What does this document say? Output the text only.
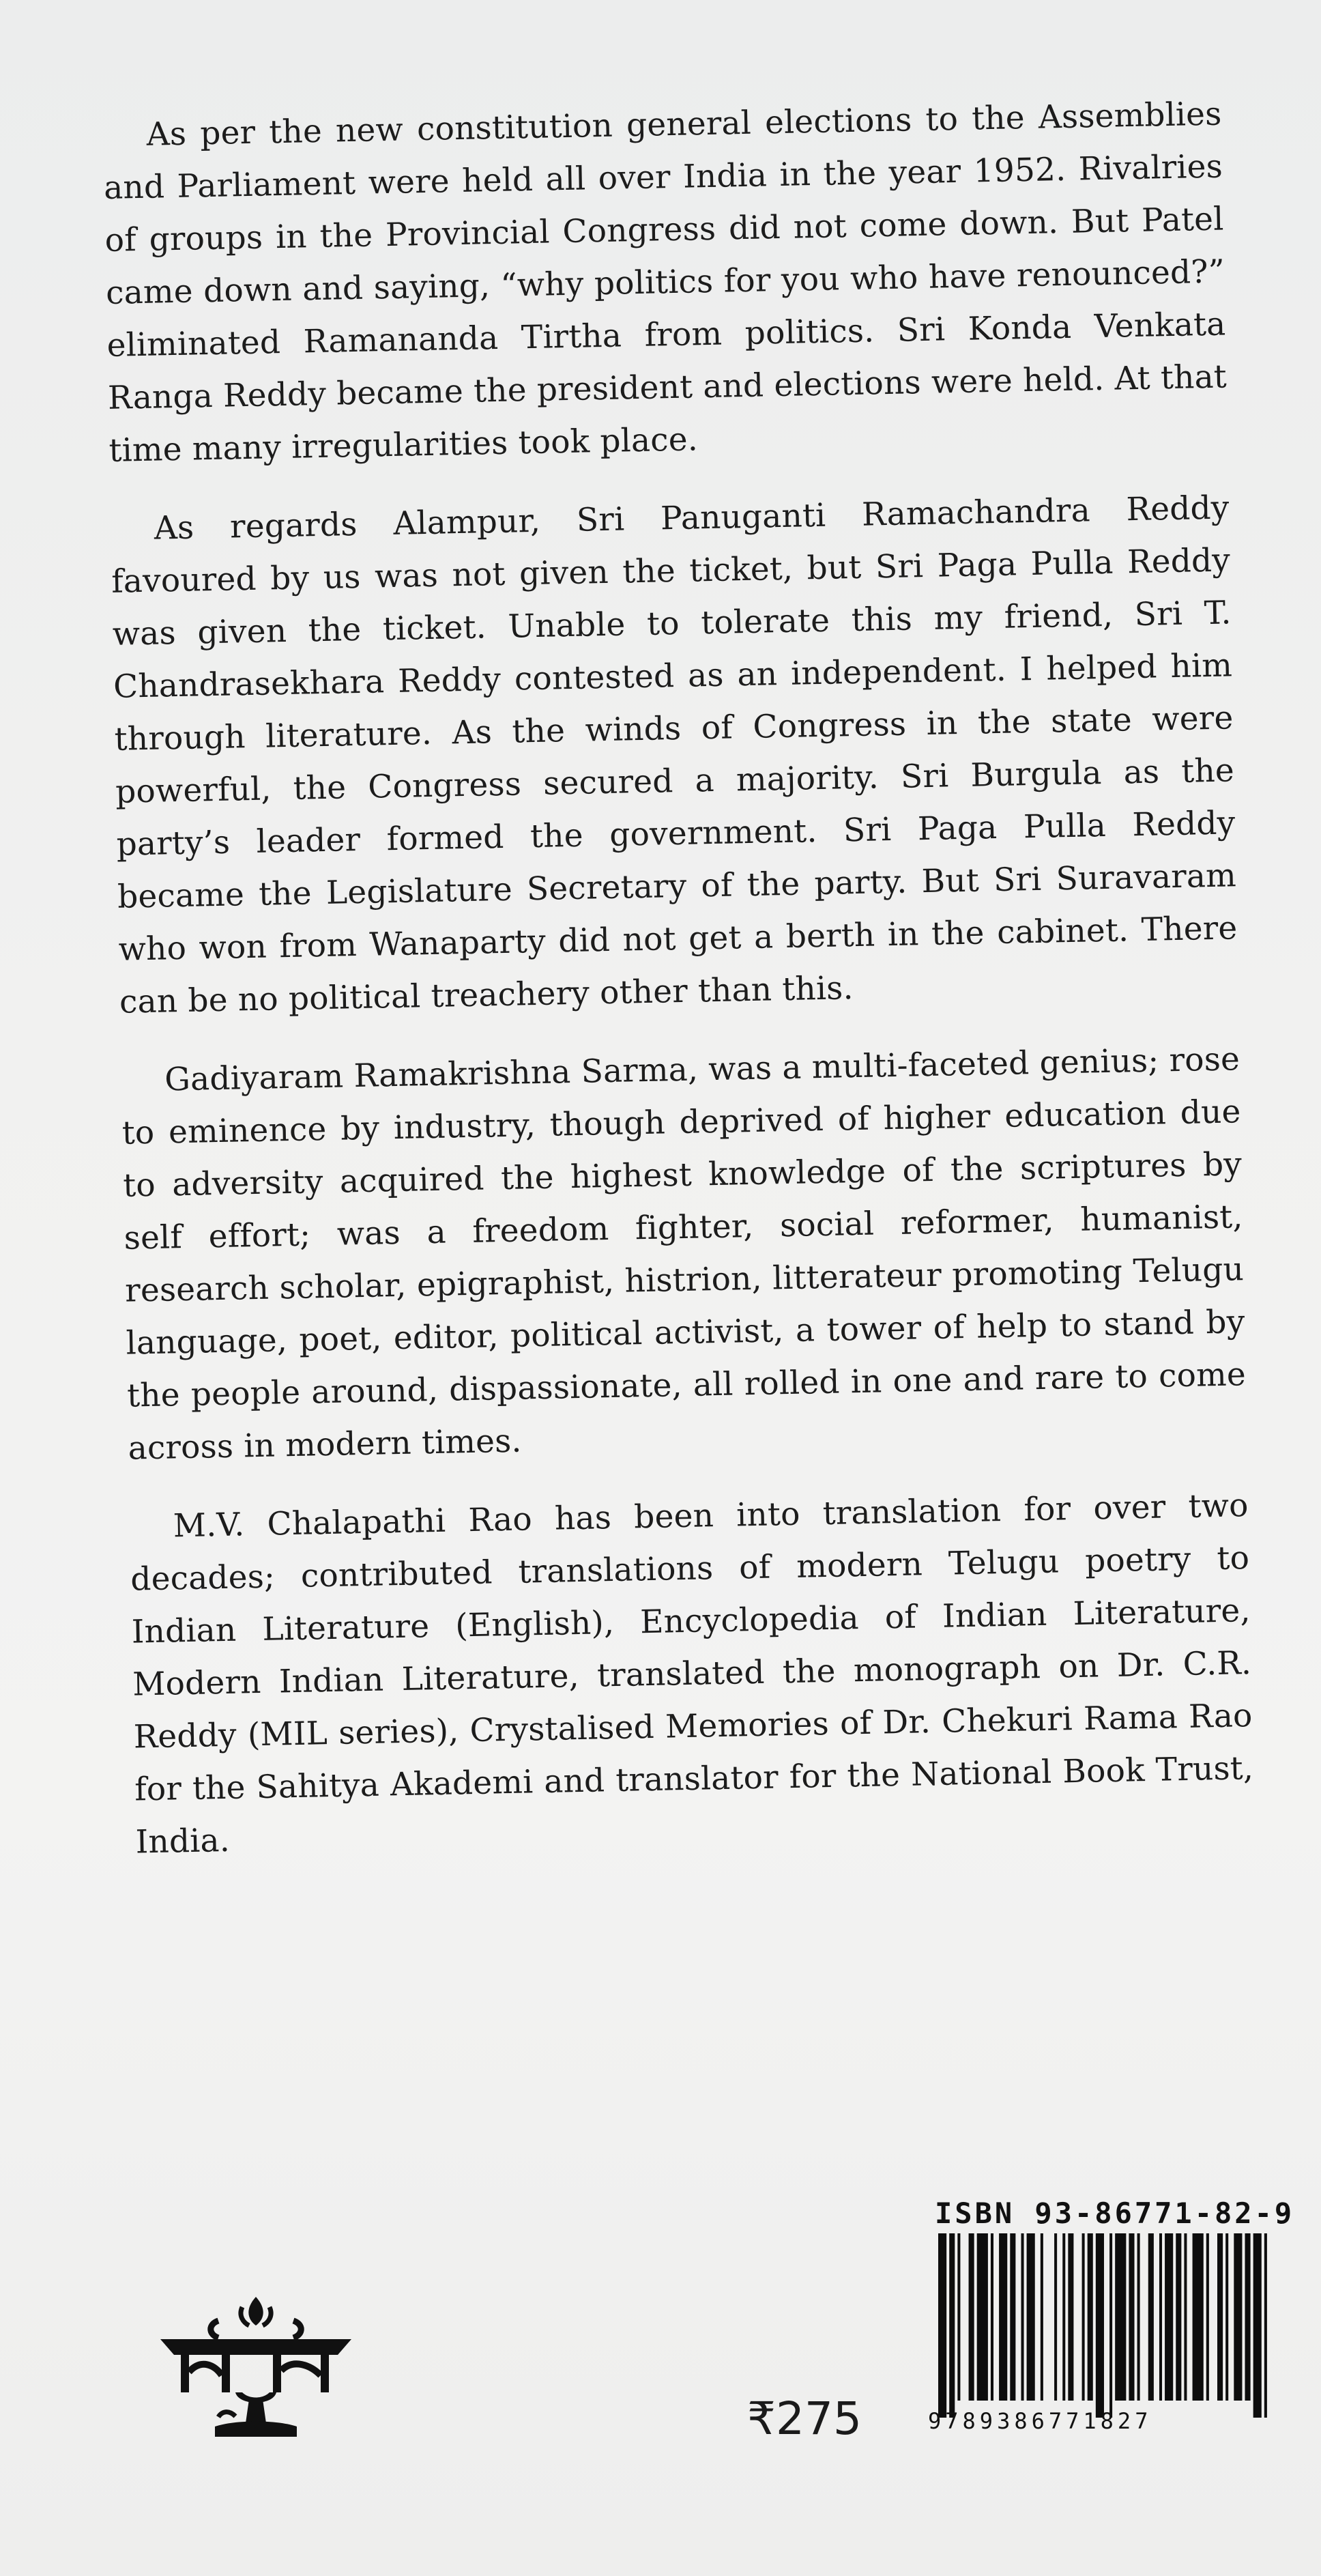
As per the new constitution general elections to the Assemblies and Parliament were held all over India in the year 1952. Rivalries of groups in the Provincial Congress did not come down. But Patel came down and saying, “why politics for you who have renounced?” eliminated Ramananda Tirtha from politics. Sri Konda Venkata Ranga Reddy became the president and elections were held. At that time many irregularities took place.

As regards Alampur, Sri Panuganti Ramachandra Reddy favoured by us was not given the ticket, but Sri Paga Pulla Reddy was given the ticket. Unable to tolerate this my friend, Sri T. Chandrasekhara Reddy contested as an independent. I helped him through literature. As the winds of Congress in the state were powerful, the Congress secured a majority. Sri Burgula as the party’s leader formed the government. Sri Paga Pulla Reddy became the Legislature Secretary of the party. But Sri Suravaram who won from Wanaparty did not get a berth in the cabinet. There can be no political treachery other than this.

Gadiyaram Ramakrishna Sarma, was a multi-faceted genius; rose to eminence by industry, though deprived of higher education due to adversity acquired the highest knowledge of the scriptures by self effort; was a freedom fighter, social reformer, humanist, research scholar, epigraphist, histrion, litterateur promoting Telugu language, poet, editor, political activist, a tower of help to stand by the people around, dispassionate, all rolled in one and rare to come across in modern times.

M.V. Chalapathi Rao has been into translation for over two decades; contributed translations of modern Telugu poetry to Indian Literature (English), Encyclopedia of Indian Literature, Modern Indian Literature, translated the monograph on Dr. C.R. Reddy (MIL series), Crystalised Memories of Dr. Chekuri Rama Rao for the Sahitya Akademi and translator for the National Book Trust, India.

₹275
ISBN 93-86771-82-9
9789386771827
